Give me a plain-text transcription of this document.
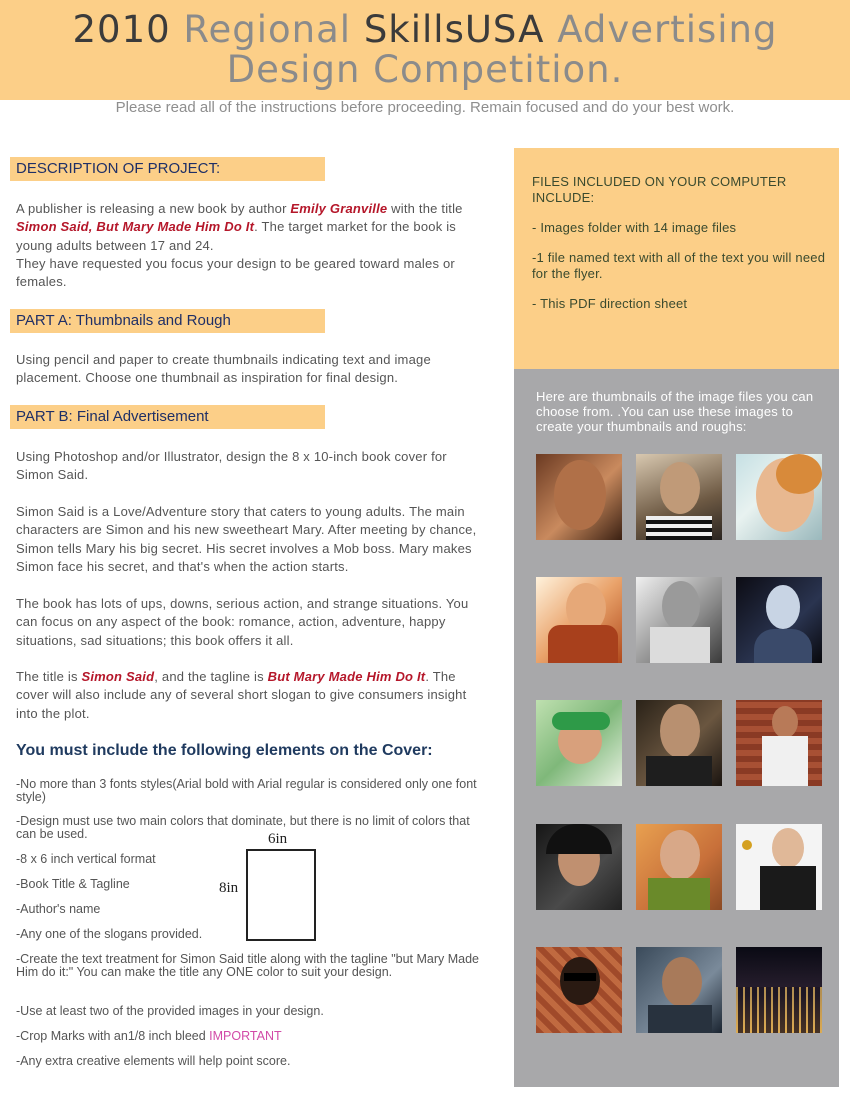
2010 Regional SkillsUSA Advertising
Design Competition.
Please read all of the instructions before proceeding. Remain focused and do your best work.
DESCRIPTION OF PROJECT:
A publisher is releasing a new book by author Emily Granville with the title Simon Said, But Mary Made Him Do It. The target market for the book is young adults between 17 and 24.
They have requested you focus your design to be geared toward males or females.
PART A: Thumbnails and Rough
Using pencil and paper to create thumbnails indicating text and image placement. Choose one thumbnail as inspiration for final design.
PART B: Final Advertisement
Using Photoshop and/or Illustrator, design the 8 x 10-inch book cover for Simon Said.
Simon Said is a Love/Adventure story that caters to young adults. The main characters are Simon and his new sweetheart Mary. After meeting by chance, Simon tells Mary his big secret. His secret involves a Mob boss. Mary makes Simon face his secret, and that's when the action starts.
The book has lots of ups, downs, serious action, and strange situations. You can focus on any aspect of the book: romance, action, adventure, happy situations, sad situations; this book offers it all.
The title is Simon Said, and the tagline is But Mary Made Him Do It. The cover will also include any of several short slogan to give consumers insight into the plot.
You must include the following elements on the Cover:
-No more than 3 fonts styles(Arial bold with Arial regular is considered only one font style)
-Design must use two main colors that dominate, but there is no limit of colors that can be used.
-8 x 6 inch vertical format
-Book Title & Tagline
-Author's name
-Any one of the slogans provided.
-Create the text treatment for Simon Said title along with the tagline "but Mary Made Him do it:" You can make the title any ONE color to suit your design.
-Use at least two of the provided images in your design.
-Crop Marks with an1/8 inch bleed IMPORTANT
-Any extra creative elements will help point score.
6in
8in
FILES INCLUDED ON YOUR COMPUTER INCLUDE:
- Images folder with 14 image files
-1 file named text with all of the text you will need for the flyer.
- This PDF direction sheet
Here are thumbnails of the image files you can choose from. .You can use these images to create your thumbnails and roughs:
